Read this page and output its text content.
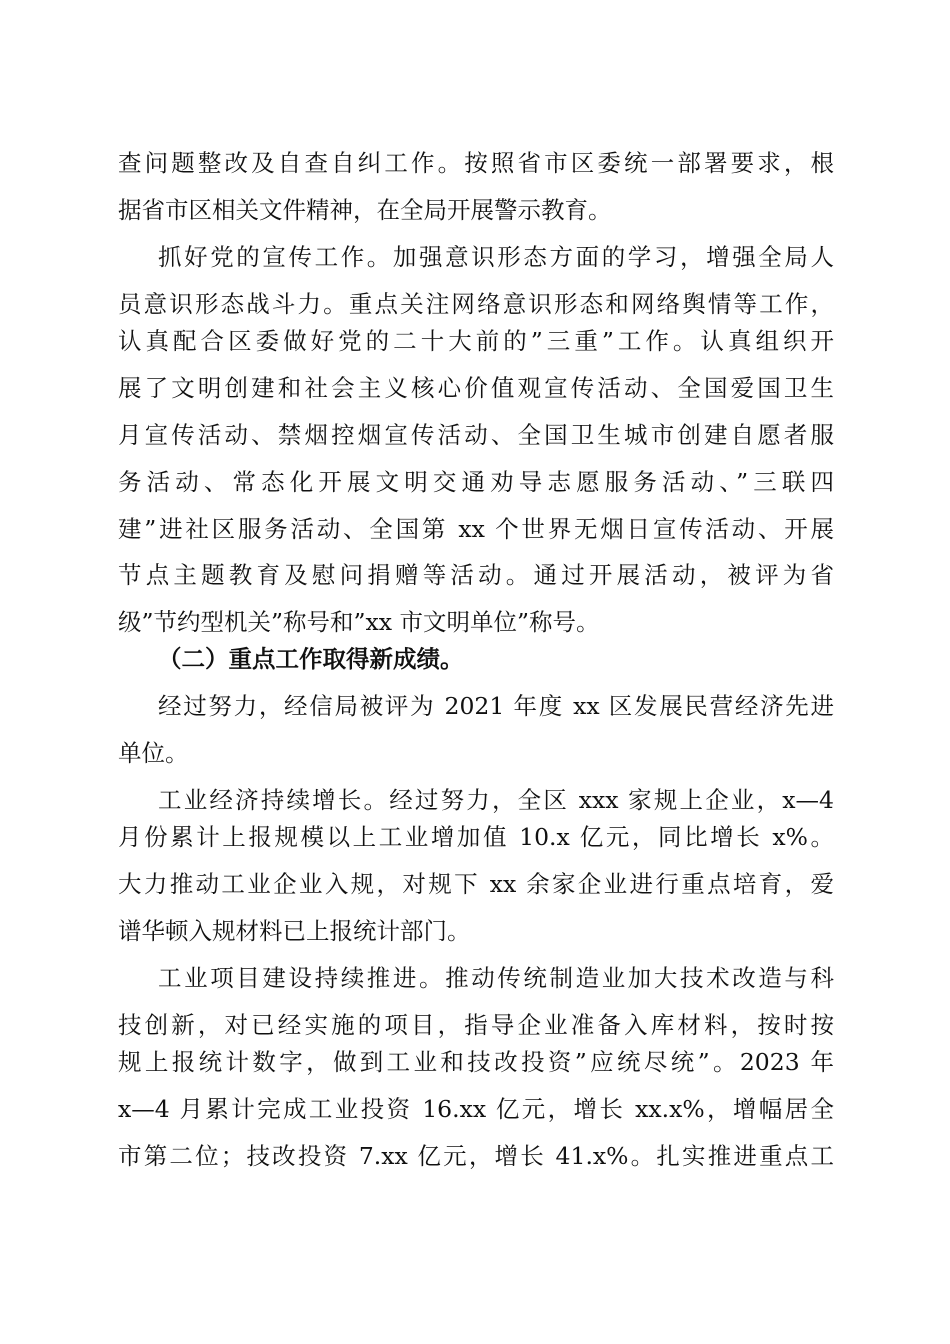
查问题整改及自查自纠工作。按照省市区委统一部署要求，根
据省市区相关文件精神，在全局开展警示教育。
抓好党的宣传工作。加强意识形态方面的学习，增强全局人
员意识形态战斗力。重点关注网络意识形态和网络舆情等工作，
认真配合区委做好党的二十大前的”三重”工作。认真组织开
展了文明创建和社会主义核心价值观宣传活动、全国爱国卫生
月宣传活动、禁烟控烟宣传活动、全国卫生城市创建自愿者服
务活动、常态化开展文明交通劝导志愿服务活动、”三联四
建”进社区服务活动、全国第 xx 个世界无烟日宣传活动、开展
节点主题教育及慰问捐赠等活动。通过开展活动，被评为省
级”节约型机关”称号和”xx 市文明单位”称号。
（二）重点工作取得新成绩。
经过努力，经信局被评为 2021 年度 xx 区发展民营经济先进
单位。
工业经济持续增长。经过努力，全区 xxx 家规上企业，x—4
月份累计上报规模以上工业增加值 10.x 亿元，同比增长 x%。
大力推动工业企业入规，对规下 xx 余家企业进行重点培育，爱
谱华顿入规材料已上报统计部门。
工业项目建设持续推进。推动传统制造业加大技术改造与科
技创新，对已经实施的项目，指导企业准备入库材料，按时按
规上报统计数字，做到工业和技改投资”应统尽统”。2023 年
x—4 月累计完成工业投资 16.xx 亿元，增长 xx.x%，增幅居全
市第二位；技改投资 7.xx 亿元，增长 41.x%。扎实推进重点工
